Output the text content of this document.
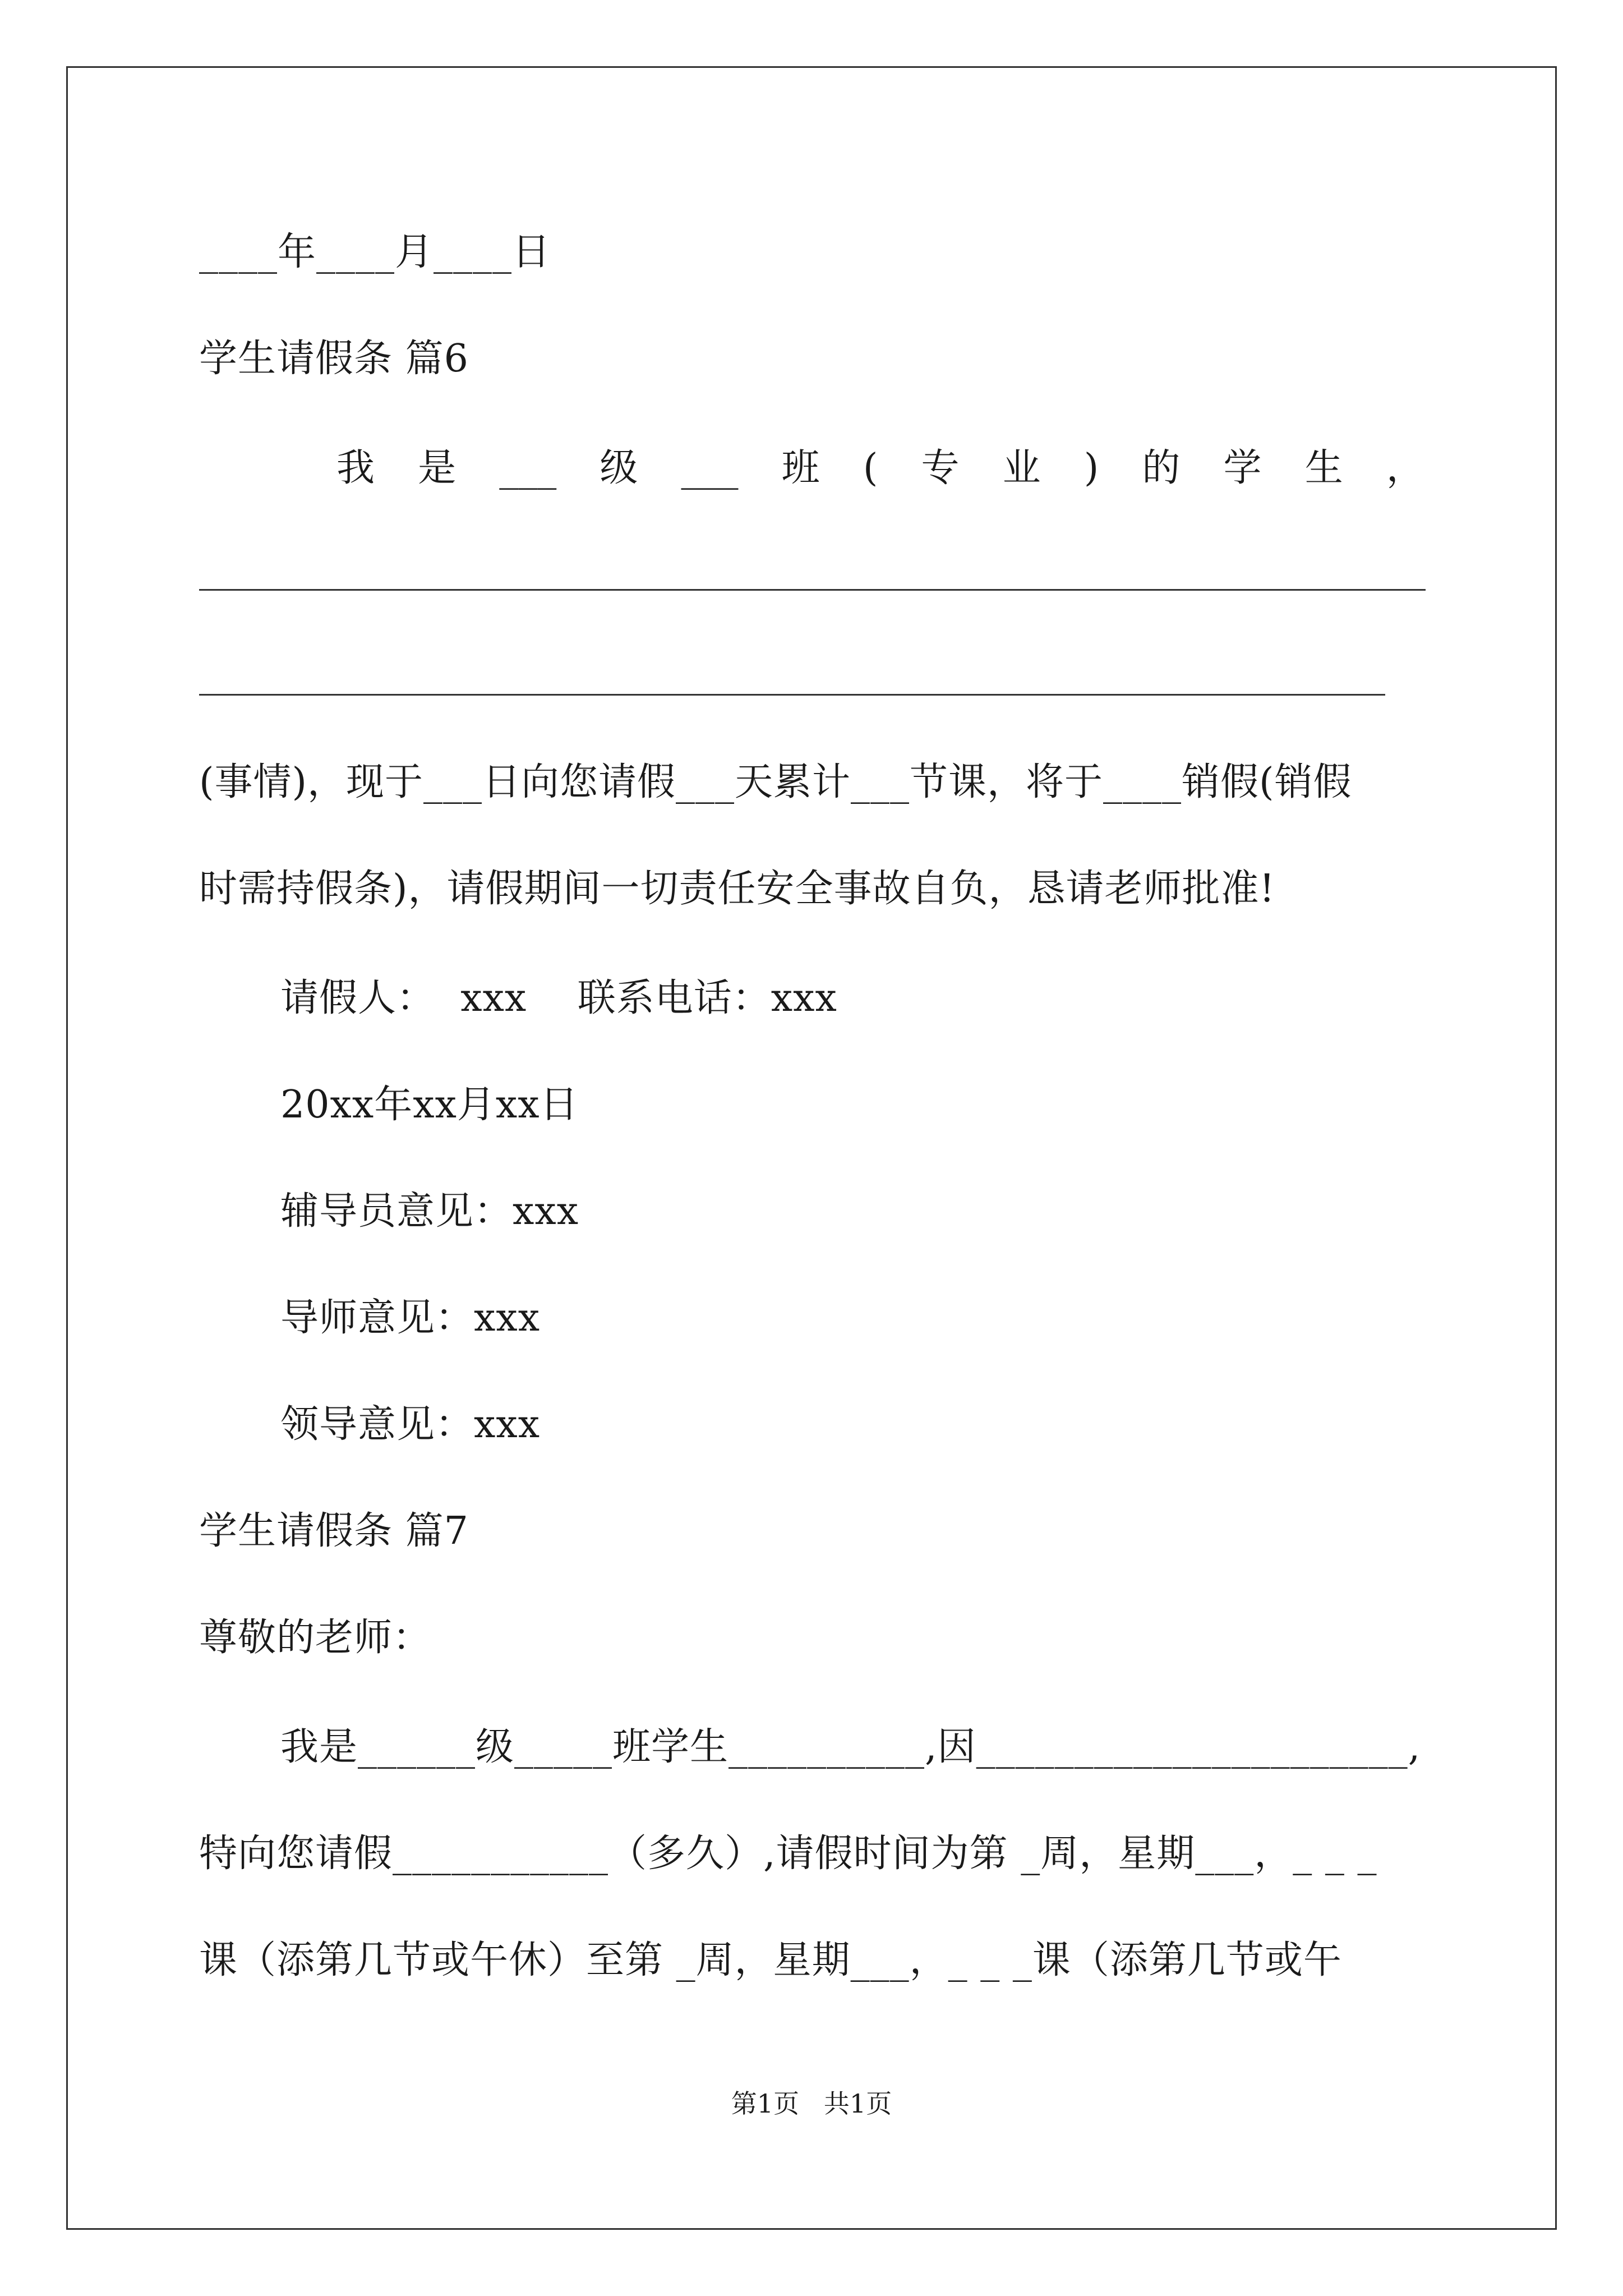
____年____月____日
学生请假条 篇6
我 是 ___ 级 ___ 班 ( 专 业 ) 的 学 生 ，
(事情)，现于___日向您请假___天累计___节课，将于____销假(销假
时需持假条)，请假期间一切责任安全事故自负，恳请老师批准!
请假人：  xxx    联系电话：xxx
20xx年xx月xx日
辅导员意见：xxx
导师意见：xxx
领导意见：xxx
学生请假条 篇7
尊敬的老师：
我是______级_____班学生__________,因______________________,
特向您请假___________（多久）,请假时间为第 _周，星期___，_ _ _
课（添第几节或午休）至第 _周，星期___，_ _ _课（添第几节或午
第1页   共1页
